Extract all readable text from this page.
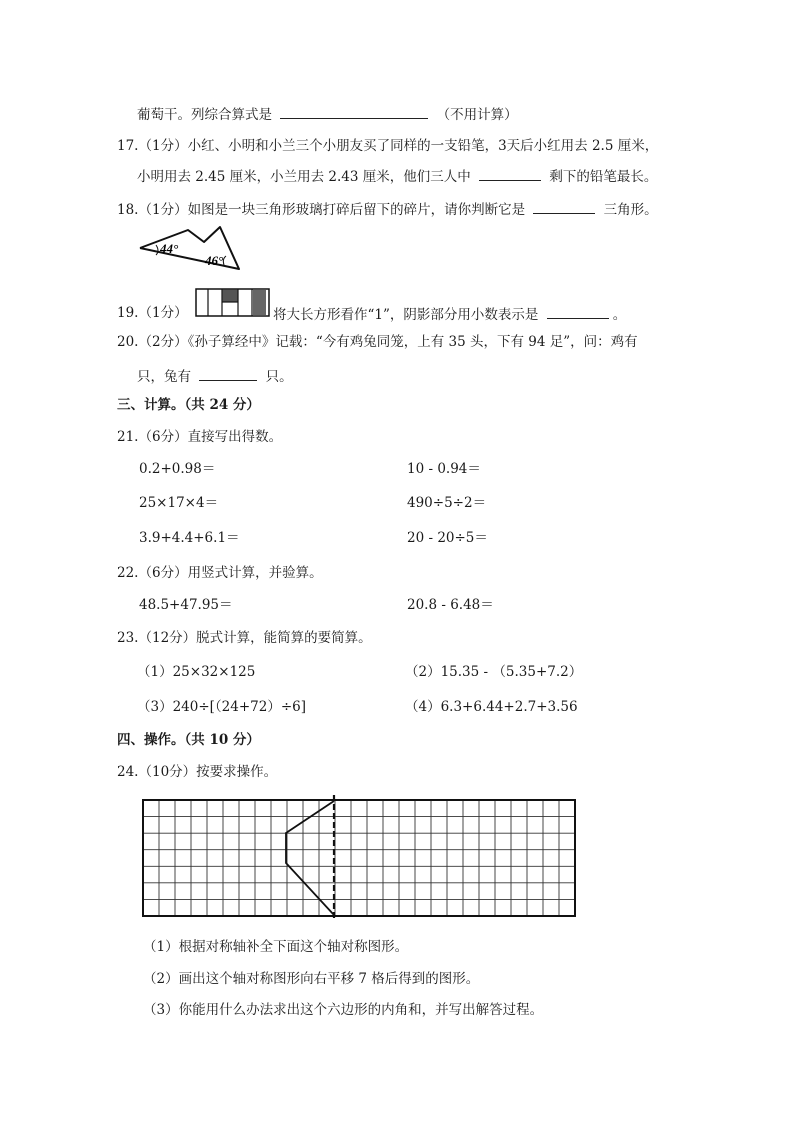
葡萄干。列综合算式是	（不用计算）
17.（1分）小红、小明和小兰三个小朋友买了同样的一支铅笔，3天后小红用去 2.5 厘米，
小明用去 2.45 厘米，小兰用去 2.43 厘米，他们三人中	剩下的铅笔最长。
18.（1分）如图是一块三角形玻璃打碎后留下的碎片，请你判断它是	三角形。
44°
46°
19.（1分）	将大长方形看作“1”，阴影部分用小数表示是	。
20.（2分）《孙子算经中》记载：“今有鸡兔同笼，上有 35 头，下有 94 足”，问：鸡有
只，兔有	只。
三、计算。（共 24 分）
21.（6分）直接写出得数。
0.2+0.98＝	10 - 0.94＝
25×17×4＝	490÷5÷2＝
3.9+4.4+6.1＝	20 - 20÷5＝
22.（6分）用竖式计算，并验算。
48.5+47.95＝	20.8 - 6.48＝
23.（12分）脱式计算，能简算的要简算。
（1）25×32×125	（2）15.35 - （5.35+7.2）
（3）240÷[（24+72）÷6]	（4）6.3+6.44+2.7+3.56
四、操作。（共 10 分）
24.（10分）按要求操作。
（1）根据对称轴补全下面这个轴对称图形。
（2）画出这个轴对称图形向右平移 7 格后得到的图形。
（3）你能用什么办法求出这个六边形的内角和，并写出解答过程。
